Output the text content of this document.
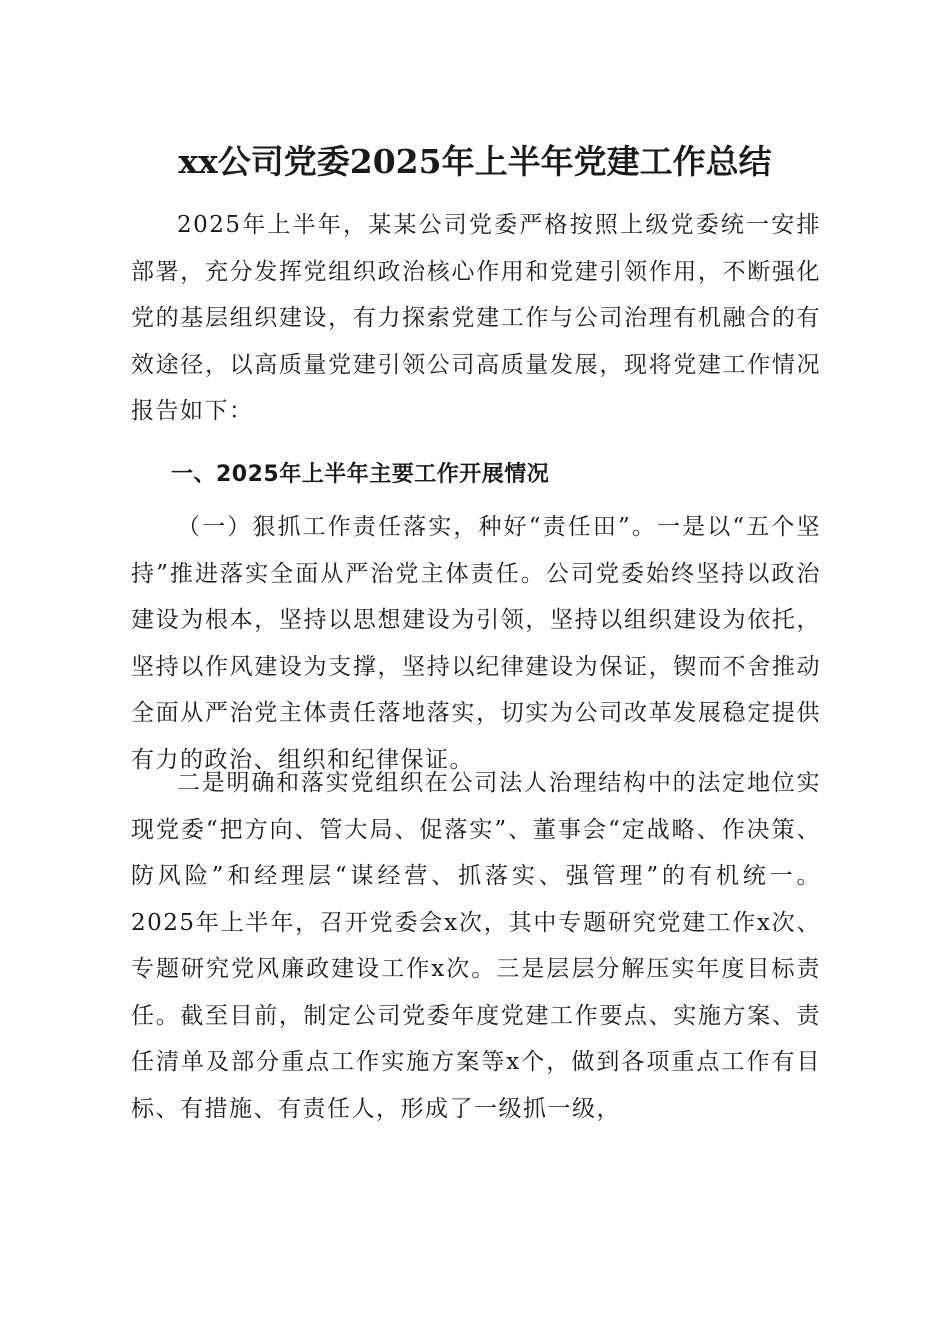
xx公司党委2025年上半年党建工作总结

2025年上半年，某某公司党委严格按照上级党委统一安排部署，充分发挥党组织政治核心作用和党建引领作用，不断强化党的基层组织建设，有力探索党建工作与公司治理有机融合的有效途径，以高质量党建引领公司高质量发展，现将党建工作情况报告如下：

一、2025年上半年主要工作开展情况

（一）狠抓工作责任落实，种好“责任田”。一是以“五个坚持”推进落实全面从严治党主体责任。公司党委始终坚持以政治建设为根本，坚持以思想建设为引领，坚持以组织建设为依托，坚持以作风建设为支撑，坚持以纪律建设为保证，锲而不舍推动全面从严治党主体责任落地落实，切实为公司改革发展稳定提供有力的政治、组织和纪律保证。

二是明确和落实党组织在公司法人治理结构中的法定地位实现党委“把方向、管大局、促落实”、董事会“定战略、作决策、防风险”和经理层“谋经营、抓落实、强管理”的有机统一。2025年上半年，召开党委会x次，其中专题研究党建工作x次、专题研究党风廉政建设工作x次。三是层层分解压实年度目标责任。截至目前，制定公司党委年度党建工作要点、实施方案、责任清单及部分重点工作实施方案等x个，做到各项重点工作有目标、有措施、有责任人，形成了一级抓一级，
